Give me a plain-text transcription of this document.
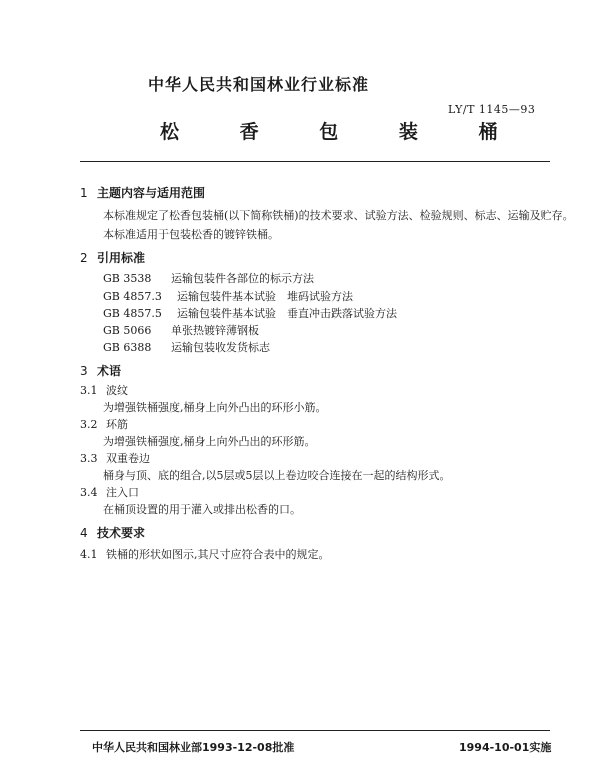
中华人民共和国林业行业标准
LY/T 1145—93
松 香 包 装 桶
1 主题内容与适用范围
本标准规定了松香包装桶(以下简称铁桶)的技术要求、试验方法、检验规则、标志、运输及贮存。
本标准适用于包装松香的镀锌铁桶。
2 引用标准
GB 3538 运输包装件各部位的标示方法
GB 4857.3 运输包装件基本试验　堆码试验方法
GB 4857.5 运输包装件基本试验　垂直冲击跌落试验方法
GB 5066 单张热镀锌薄钢板
GB 6388 运输包装收发货标志
3 术语
3.1 波纹
为增强铁桶强度,桶身上向外凸出的环形小筋。
3.2 环筋
为增强铁桶强度,桶身上向外凸出的环形筋。
3.3 双重卷边
桶身与顶、底的组合,以5层或5层以上卷边咬合连接在一起的结构形式。
3.4 注入口
在桶顶设置的用于灌入或排出松香的口。
4 技术要求
4.1 铁桶的形状如图示,其尺寸应符合表中的规定。
中华人民共和国林业部1993-12-08批准	1994-10-01实施
